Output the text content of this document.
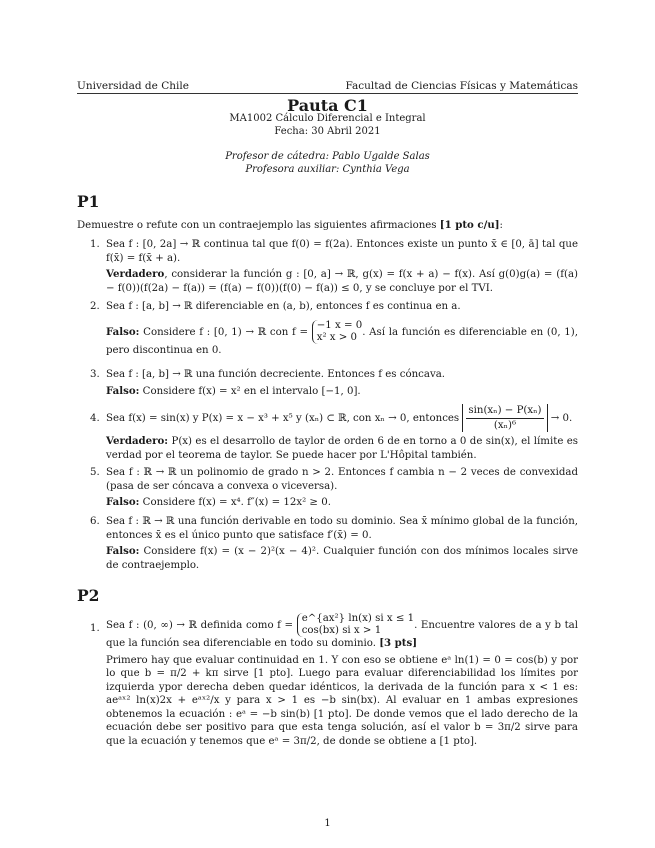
Universidad de Chile	Facultad de Ciencias Físicas y Matemáticas
Pauta C1
MA1002 Cálculo Diferencial e Integral
Fecha: 30 Abril 2021
Profesor de cátedra: Pablo Ugalde Salas
Profesora auxiliar: Cynthia Vega
P1
Demuestre o refute con un contraejemplo las siguientes afirmaciones [1 pto c/u]:
1. Sea f : [0, 2a] → ℝ continua tal que f(0) = f(2a). Entonces existe un punto x̄ ∈ [0, ā] tal que f(x̄) = f(x̄ + a).
Verdadero, considerar la función g : [0, a] → ℝ, g(x) = f(x + a) − f(x). Así g(0)g(a) = (f(a) − f(0))(f(2a) − f(a)) = (f(a) − f(0))(f(0) − f(a)) ≤ 0, y se concluye por el TVI.
2. Sea f : [a, b] → ℝ diferenciable en (a, b), entonces f es continua en a.
Falso: Considere f : [0, 1) → ℝ con f = −1 x = 0
x² x > 0 . Así la función es diferenciable en (0, 1), pero discontinua en 0.
3. Sea f : [a, b] → ℝ una función decreciente. Entonces f es cóncava.
Falso: Considere f(x) = x² en el intervalo [−1, 0].
4. Sea f(x) = sin(x) y P(x) = x − x³ + x⁵ y (xₙ) ⊂ ℝ, con xₙ → 0, entonces $\frac{\text{sin(xₙ) − P(xₙ)}}{\text{(xₙ)⁶}} \to 0$.
Verdadero: P(x) es el desarrollo de taylor de orden 6 de en torno a 0 de sin(x), el límite es verdad por el teorema de taylor. Se puede hacer por L'Hôpital también.
5. Sea f : ℝ → ℝ un polinomio de grado n > 2. Entonces f cambia n − 2 veces de convexidad (pasa de ser cóncava a convexa o viceversa).
Falso: Considere f(x) = x⁴. f″(x) = 12x² ≥ 0.
6. Sea f : ℝ → ℝ una función derivable en todo su dominio. Sea x̄ mínimo global de la función, entonces x̄ es el único punto que satisface f′(x̄) = 0.
Falso: Considere f(x) = (x − 2)²(x − 4)². Cualquier función con dos mínimos locales sirve de contraejemplo.
P2
1. Sea f : (0, ∞) → ℝ definida como f = e^{ax²} ln(x) si x ≤ 1
cos(bx) si x > 1	. Encuentre valores de a y b tal que la función sea diferenciable en todo su dominio. [3 pts]
Primero hay que evaluar continuidad en 1. Y con eso se obtiene eᵃ ln(1) = 0 = cos(b) y por lo que b = π/2 + kπ sirve [1 pto]. Luego para evaluar diferenciabilidad los límites por izquierda ypor derecha deben quedar idénticos, la derivada de la función para x < 1 es: aeᵃˣ² ln(x)2x + eᵃˣ²/x y para x > 1 es −b sin(bx). Al evaluar en 1 ambas expresiones obtenemos la ecuación : eᵃ = −b sin(b) [1 pto]. De donde vemos que el lado derecho de la ecuación debe ser positivo para que esta tenga solución, así el valor b = 3π/2 sirve para que la ecuación y tenemos que eᵃ = 3π/2, de donde se obtiene a [1 pto].
1
